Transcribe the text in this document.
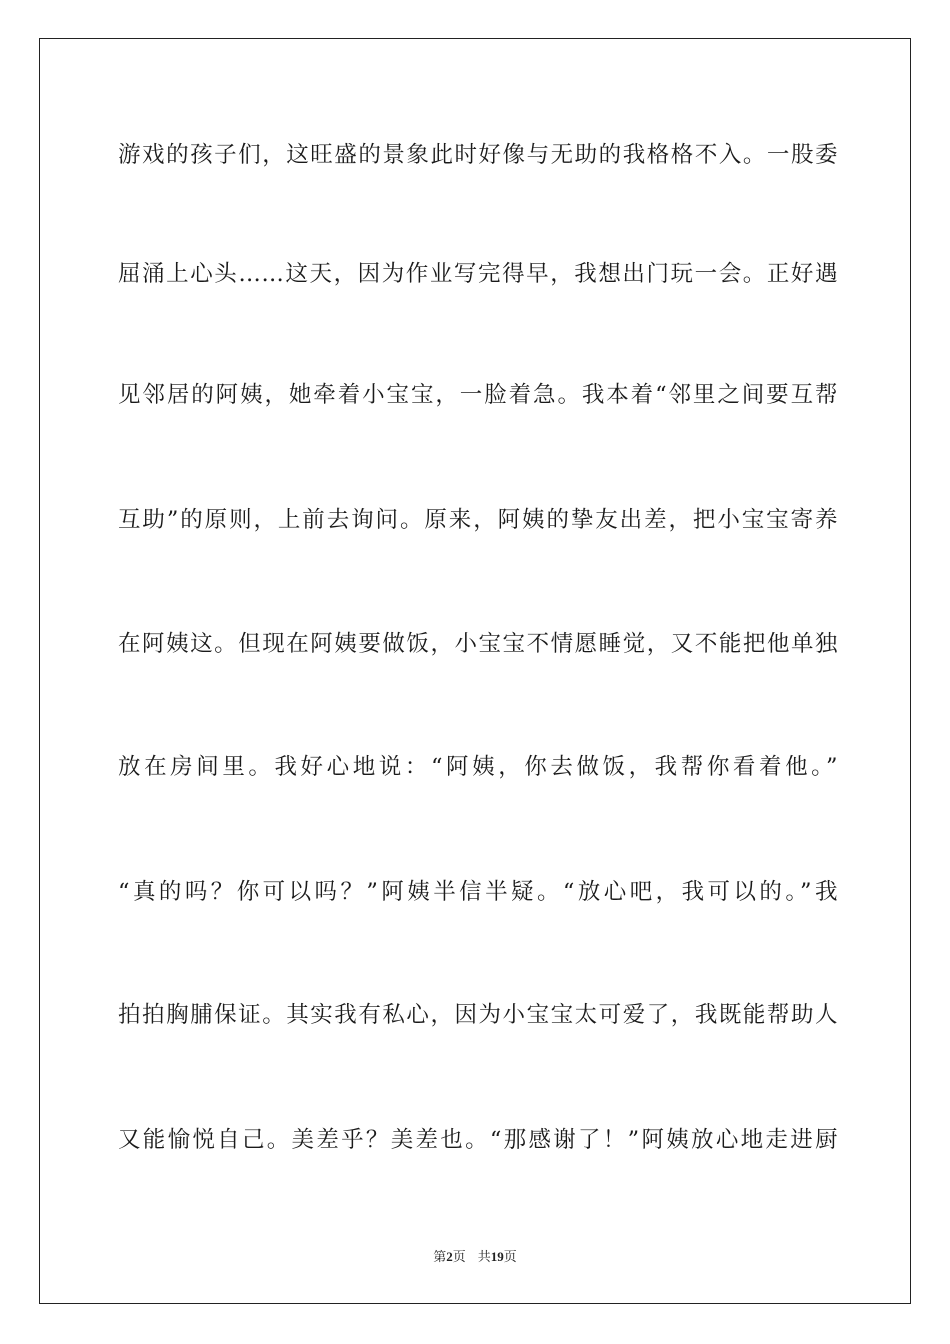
游戏的孩子们，这旺盛的景象此时好像与无助的我格格不入。一股委
屈涌上心头……这天，因为作业写完得早，我想出门玩一会。正好遇
见邻居的阿姨，她牵着小宝宝，一脸着急。我本着“邻里之间要互帮
互助”的原则，上前去询问。原来，阿姨的挚友出差，把小宝宝寄养
在阿姨这。但现在阿姨要做饭，小宝宝不情愿睡觉，又不能把他单独
放在房间里。我好心地说：“阿姨，你去做饭，我帮你看着他。”
“真的吗？你可以吗？”阿姨半信半疑。“放心吧，我可以的。”我
拍拍胸脯保证。其实我有私心，因为小宝宝太可爱了，我既能帮助人
又能愉悦自己。美差乎？美差也。“那感谢了！”阿姨放心地走进厨
第2页 共19页
